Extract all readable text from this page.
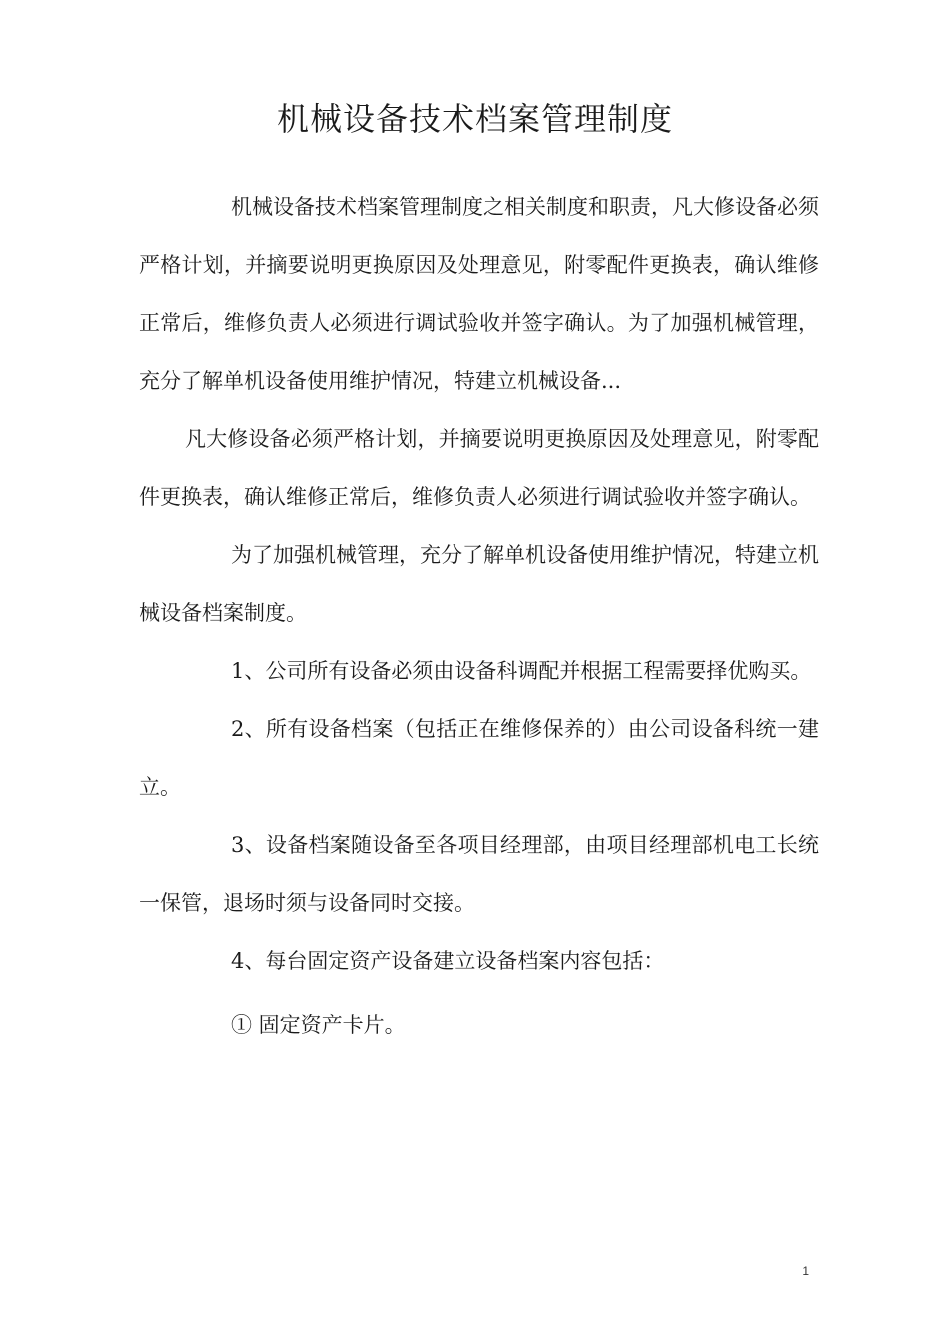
机械设备技术档案管理制度

机械设备技术档案管理制度之相关制度和职责，凡大修设备必须严格计划，并摘要说明更换原因及处理意见，附零配件更换表，确认维修正常后，维修负责人必须进行调试验收并签字确认。为了加强机械管理，充分了解单机设备使用维护情况，特建立机械设备...

凡大修设备必须严格计划，并摘要说明更换原因及处理意见，附零配件更换表，确认维修正常后，维修负责人必须进行调试验收并签字确认。

为了加强机械管理，充分了解单机设备使用维护情况，特建立机械设备档案制度。

1、公司所有设备必须由设备科调配并根据工程需要择优购买。

2、所有设备档案（包括正在维修保养的）由公司设备科统一建立。

3、设备档案随设备至各项目经理部，由项目经理部机电工长统一保管，退场时须与设备同时交接。

4、每台固定资产设备建立设备档案内容包括：

① 固定资产卡片。

1
